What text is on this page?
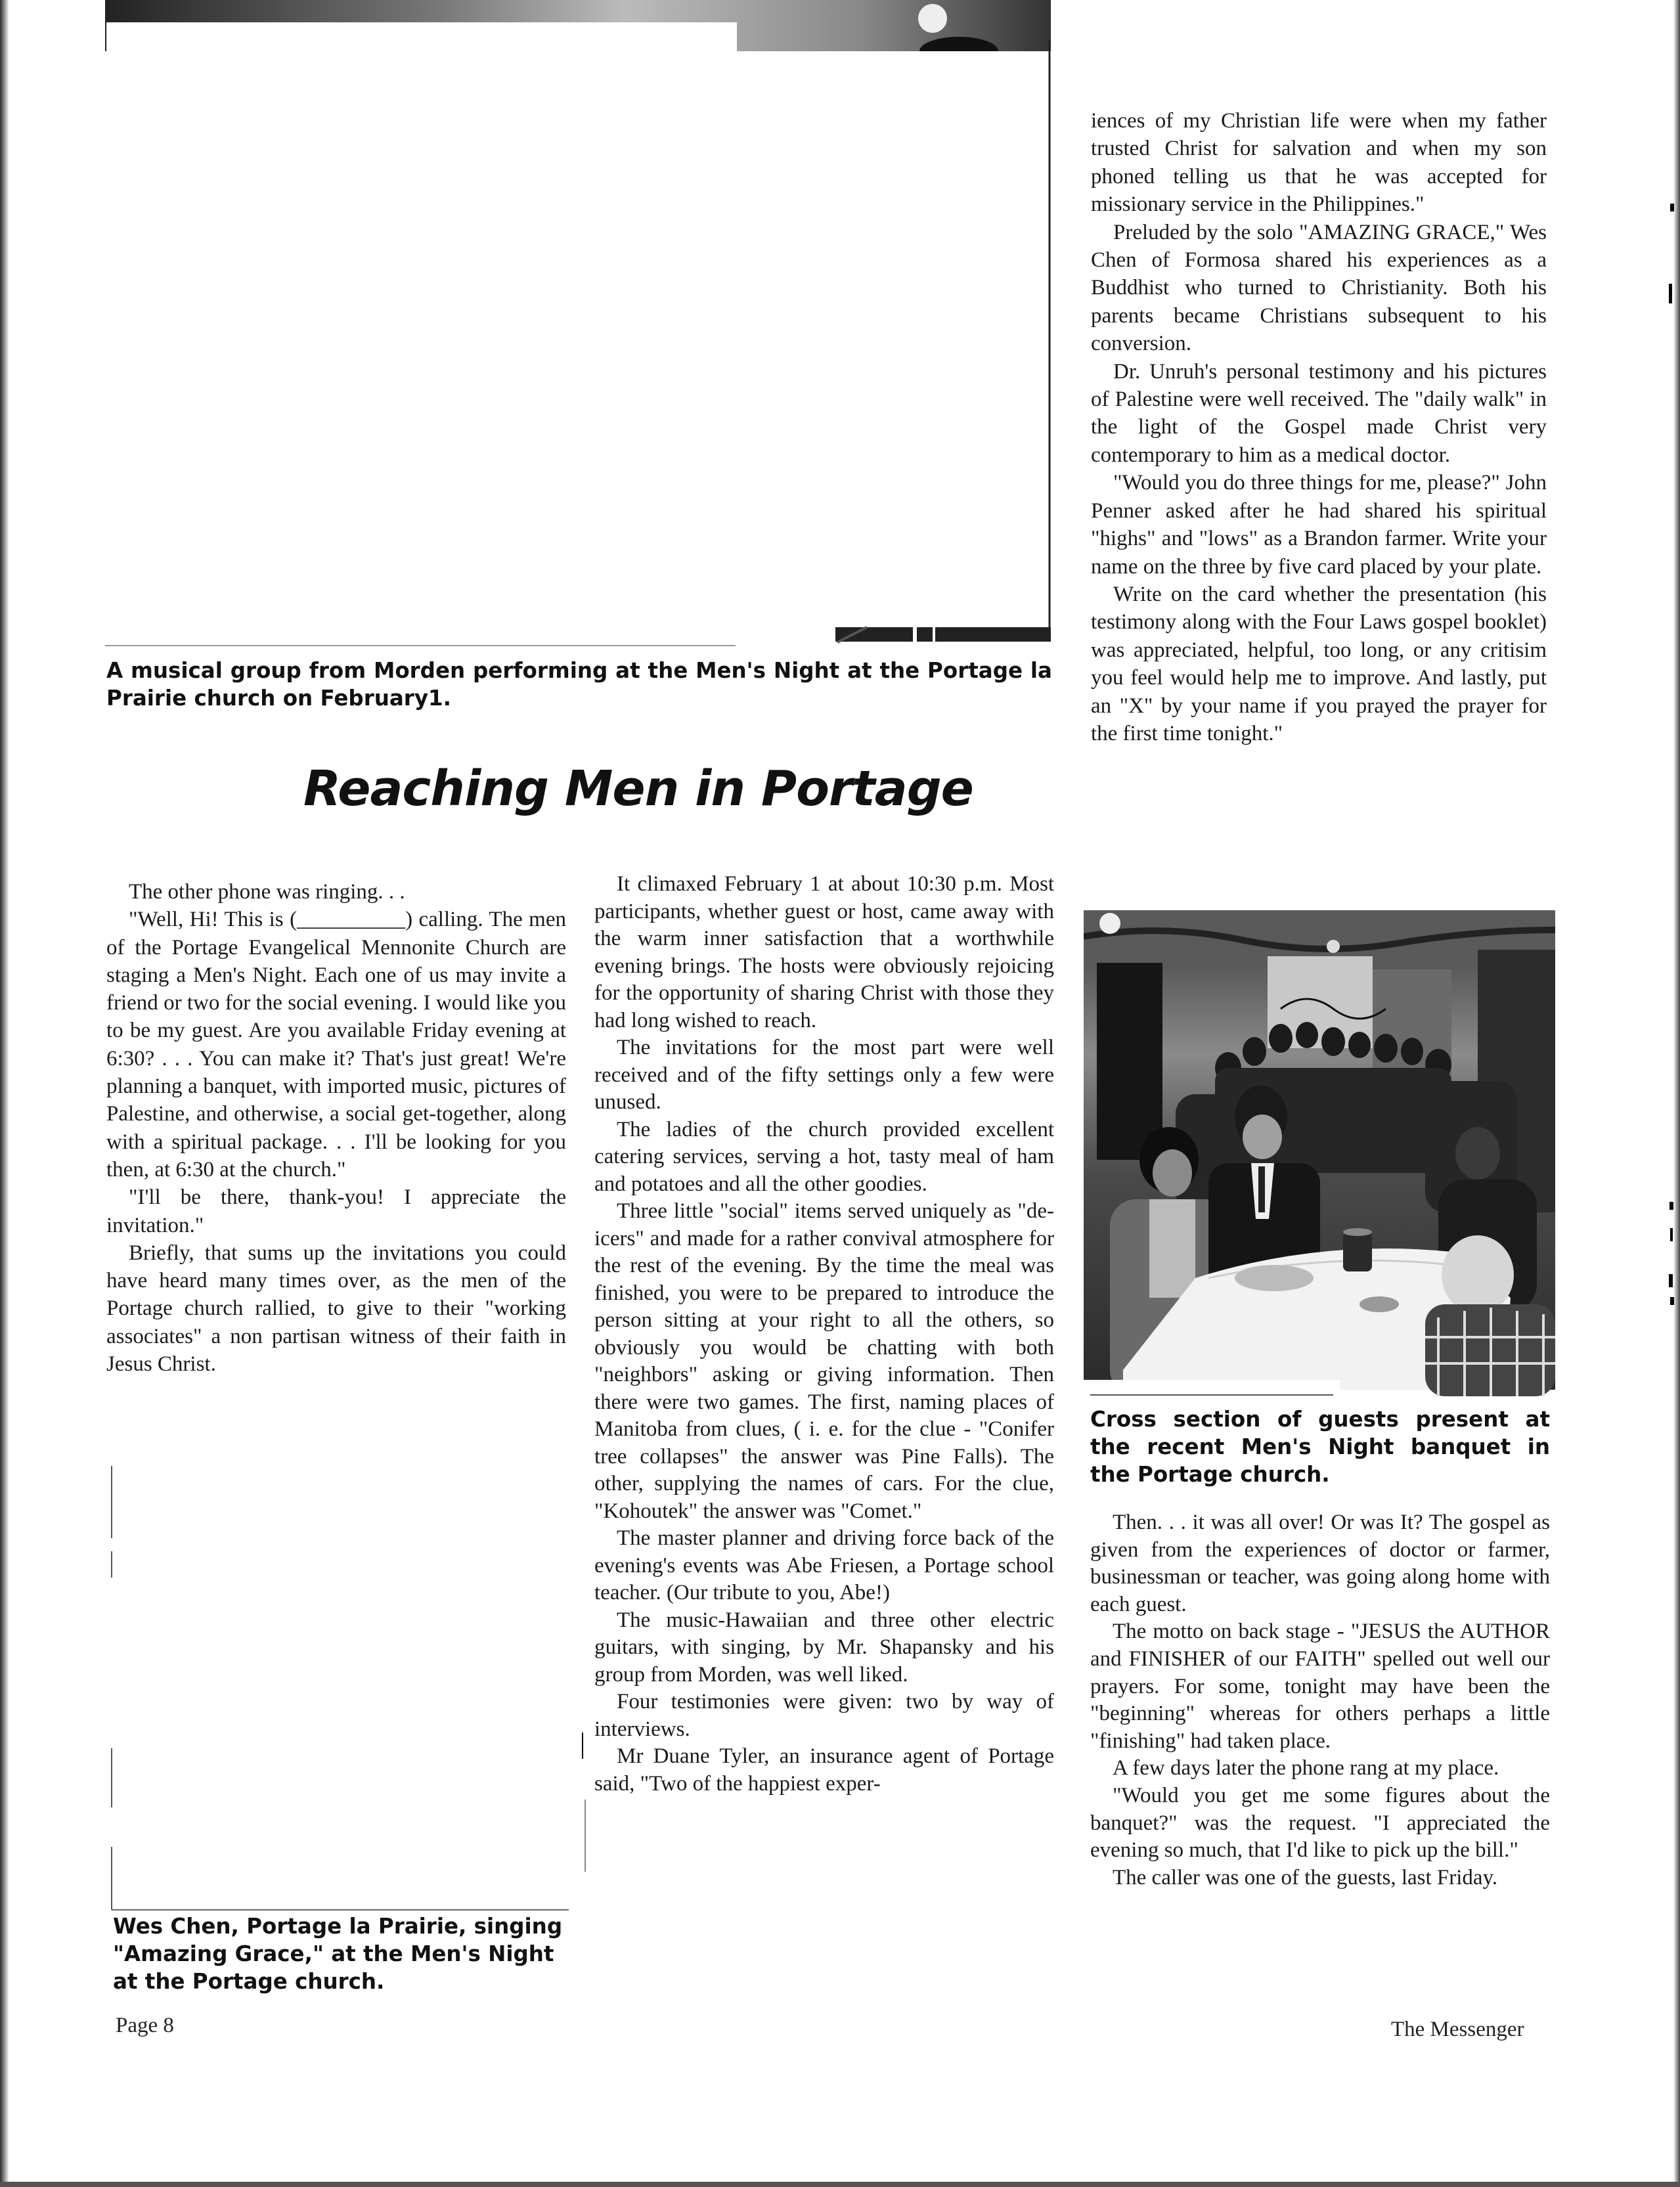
A musical group from Morden performing at the Men's Night at the Portage la Prairie church on February1.
Reaching Men in Portage

The other phone was ringing. . .

"Well, Hi! This is (__________) calling. The men of the Portage Evangelical Mennonite Church are staging a Men's Night. Each one of us may invite a friend or two for the social evening. I would like you to be my guest. Are you available Friday evening at 6:30? . . . You can make it? That's just great! We're planning a banquet, with imported music, pictures of Palestine, and otherwise, a social get-together, along with a spiritual package. . . I'll be looking for you then, at 6:30 at the church."

"I'll be there, thank-you! I appreciate the invitation."

Briefly, that sums up the invitations you could have heard many times over, as the men of the Portage church rallied, to give to their "working associates" a non partisan witness of their faith in Jesus Christ.

Wes Chen, Portage la Prairie, singing "Amazing Grace," at the Men's Night at the Portage church.

It climaxed February 1 at about 10:30 p.m. Most participants, whether guest or host, came away with the warm inner satisfaction that a worthwhile evening brings. The hosts were obviously rejoicing for the opportunity of sharing Christ with those they had long wished to reach.

The invitations for the most part were well received and of the fifty settings only a few were unused.

The ladies of the church provided excellent catering services, serving a hot, tasty meal of ham and potatoes and all the other goodies.

Three little "social" items served uniquely as "de- icers" and made for a rather convival atmosphere for the rest of the evening. By the time the meal was finished, you were to be prepared to introduce the person sitting at your right to all the others, so obviously you would be chatting with both "neighbors" asking or giving information. Then there were two games. The first, naming places of Manitoba from clues, ( i. e. for the clue - "Conifer tree collapses" the answer was Pine Falls). The other, supplying the names of cars. For the clue, "Kohoutek" the answer was "Comet."

The master planner and driving force back of the evening's events was Abe Friesen, a Portage school teacher. (Our tribute to you, Abe!)

The music-Hawaiian and three other electric guitars, with singing, by Mr. Shapansky and his group from Morden, was well liked.

Four testimonies were given: two by way of interviews.

Mr Duane Tyler, an insurance agent of Portage said, "Two of the happiest exper-

iences of my Christian life were when my father trusted Christ for salvation and when my son phoned telling us that he was accepted for missionary service in the Philippines."

Preluded by the solo "AMAZING GRACE," Wes Chen of Formosa shared his experiences as a Buddhist who turned to Christianity. Both his parents became Christians subsequent to his conversion.

Dr. Unruh's personal testimony and his pictures of Palestine were well received. The "daily walk" in the light of the Gospel made Christ very contemporary to him as a medical doctor.

"Would you do three things for me, please?" John Penner asked after he had shared his spiritual "highs" and "lows" as a Brandon farmer. Write your name on the three by five card placed by your plate.

Write on the card whether the presentation (his testimony along with the Four Laws gospel booklet) was appreciated, helpful, too long, or any critisim you feel would help me to improve. And lastly, put an "X" by your name if you prayed the prayer for the first time tonight."

Cross section of guests present at the recent Men's Night banquet in the Portage church.

Then. . . it was all over! Or was It? The gospel as given from the experiences of doctor or farmer, businessman or teacher, was going along home with each guest.

The motto on back stage - "JESUS the AUTHOR and FINISHER of our FAITH" spelled out well our prayers. For some, tonight may have been the "beginning" whereas for others perhaps a little "finishing" had taken place.

A few days later the phone rang at my place.

"Would you get me some figures about the banquet?" was the request. "I appreciated the evening so much, that I'd like to pick up the bill."

The caller was one of the guests, last Friday.

Page 8	The Messenger
